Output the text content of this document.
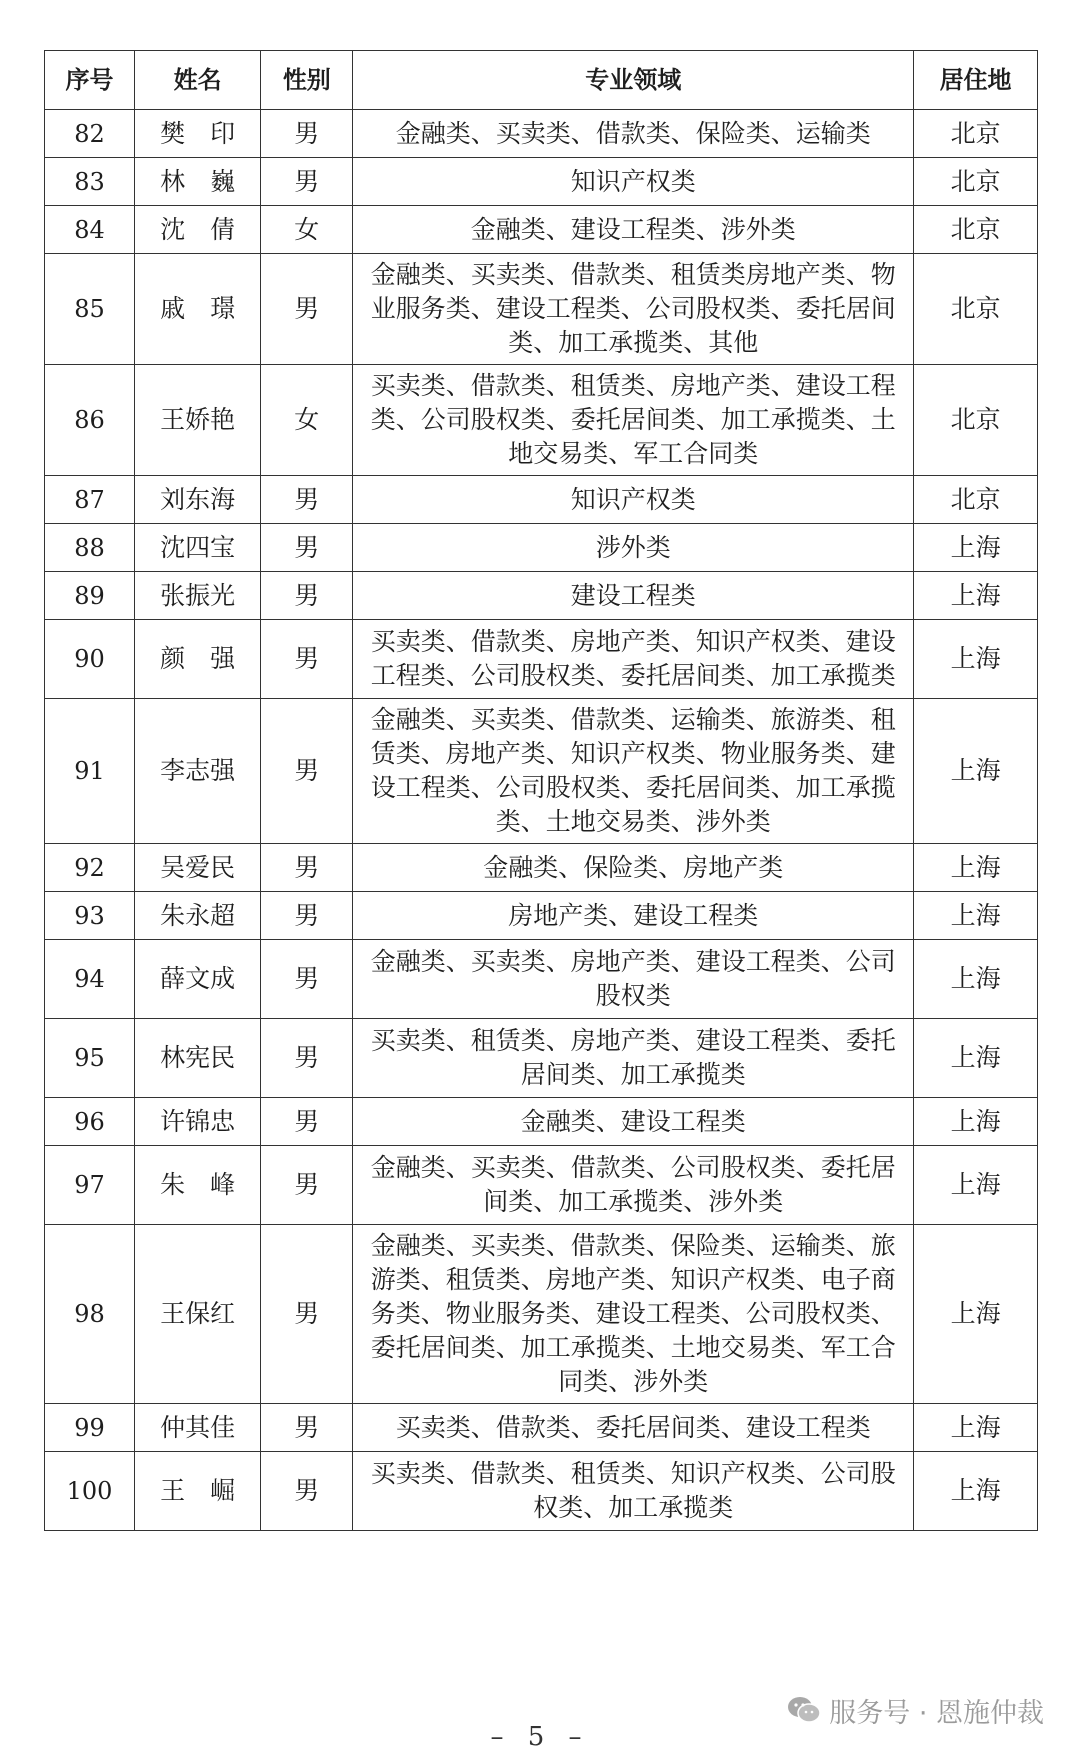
序号	姓名	性别	专业领域	居住地
82	樊　印	男	金融类、买卖类、借款类、保险类、运输类	北京
83	林　巍	男	知识产权类	北京
84	沈　倩	女	金融类、建设工程类、涉外类	北京
85	戚　璟	男	金融类、买卖类、借款类、租赁类房地产类、物业服务类、建设工程类、公司股权类、委托居间类、加工承揽类、其他	北京
86	王娇艳	女	买卖类、借款类、租赁类、房地产类、建设工程类、公司股权类、委托居间类、加工承揽类、土地交易类、军工合同类	北京
87	刘东海	男	知识产权类	北京
88	沈四宝	男	涉外类	上海
89	张振光	男	建设工程类	上海
90	颜　强	男	买卖类、借款类、房地产类、知识产权类、建设工程类、公司股权类、委托居间类、加工承揽类	上海
91	李志强	男	金融类、买卖类、借款类、运输类、旅游类、租赁类、房地产类、知识产权类、物业服务类、建设工程类、公司股权类、委托居间类、加工承揽类、土地交易类、涉外类	上海
92	吴爱民	男	金融类、保险类、房地产类	上海
93	朱永超	男	房地产类、建设工程类	上海
94	薛文成	男	金融类、买卖类、房地产类、建设工程类、公司股权类	上海
95	林宪民	男	买卖类、租赁类、房地产类、建设工程类、委托居间类、加工承揽类	上海
96	许锦忠	男	金融类、建设工程类	上海
97	朱　峰	男	金融类、买卖类、借款类、公司股权类、委托居间类、加工承揽类、涉外类	上海
98	王保红	男	金融类、买卖类、借款类、保险类、运输类、旅游类、租赁类、房地产类、知识产权类、电子商务类、物业服务类、建设工程类、公司股权类、委托居间类、加工承揽类、土地交易类、军工合同类、涉外类	上海
99	仲其佳	男	买卖类、借款类、委托居间类、建设工程类	上海
100	王　崛	男	买卖类、借款类、租赁类、知识产权类、公司股权类、加工承揽类	上海
服务号 · 恩施仲裁
– 5 –
